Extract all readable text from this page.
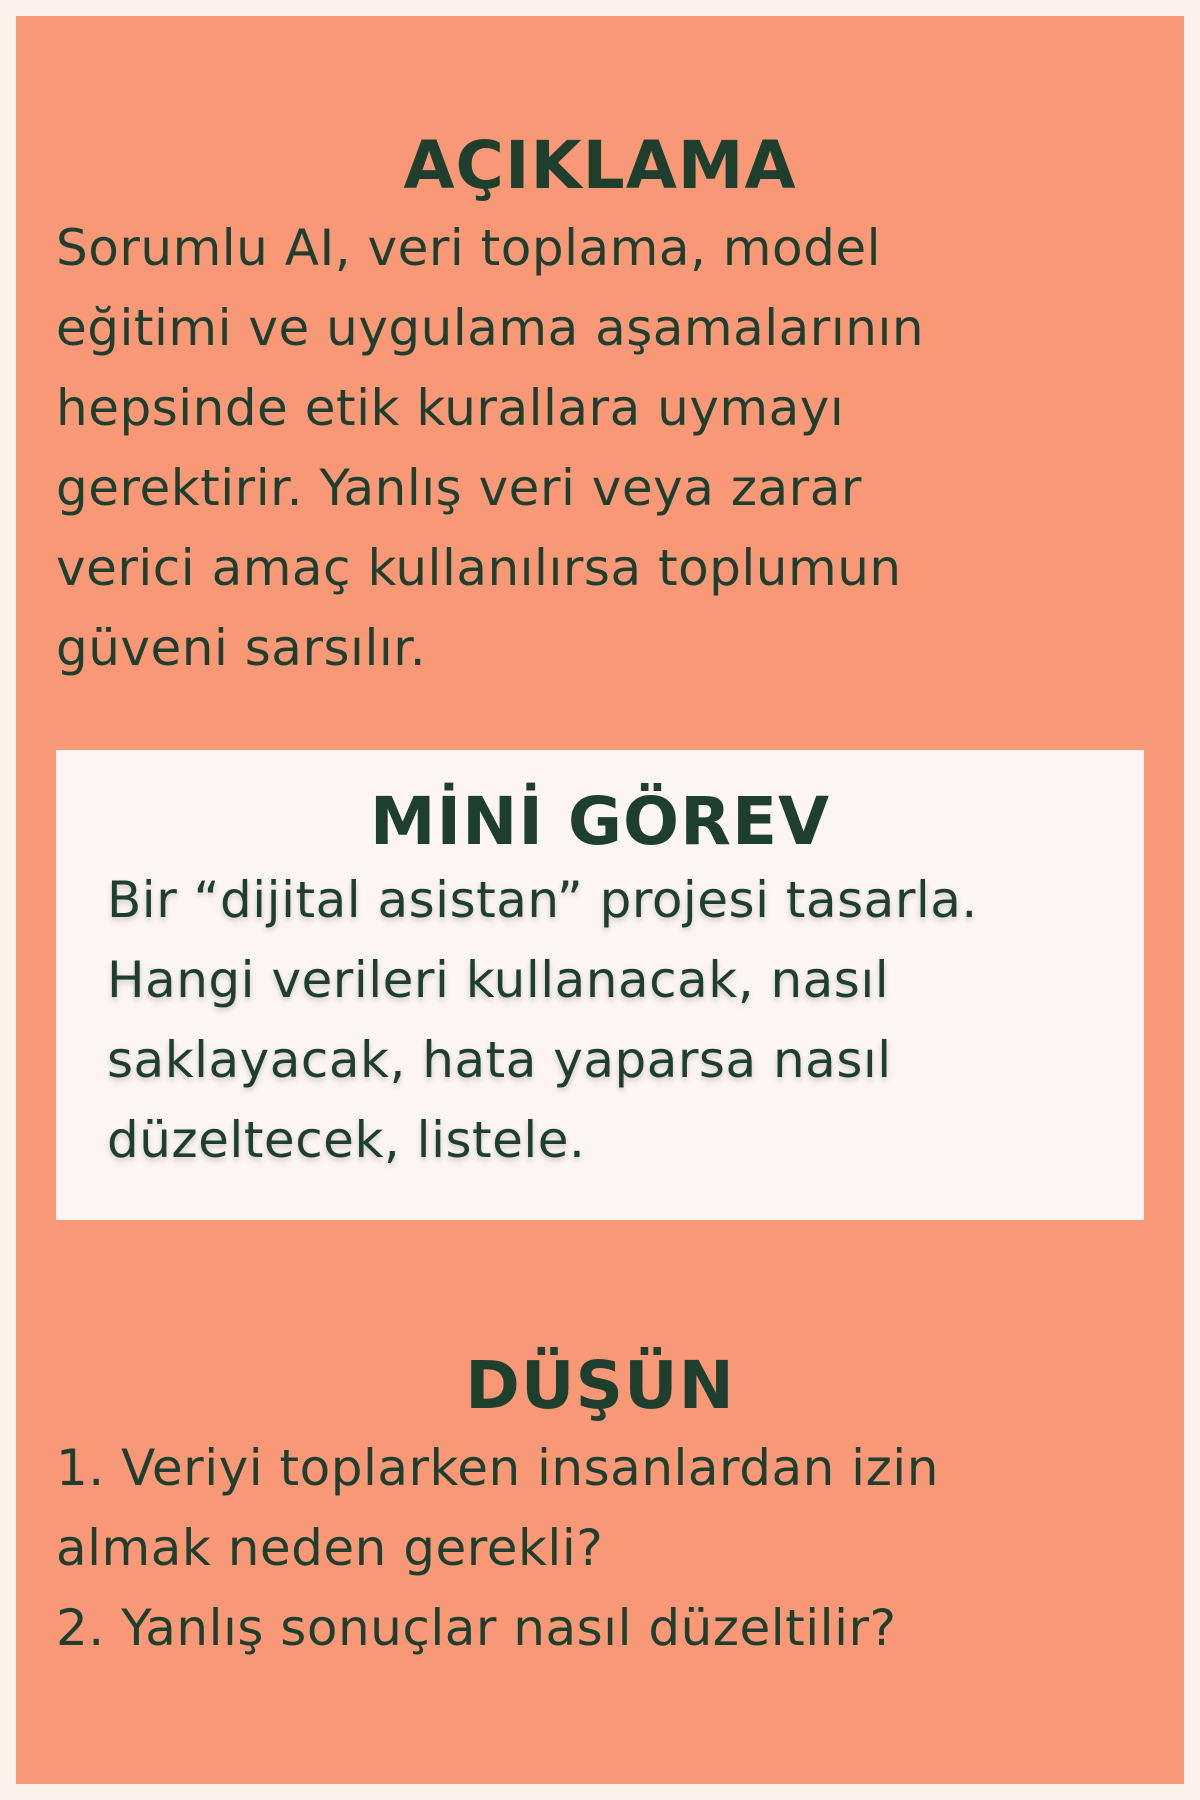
AÇIKLAMA

Sorumlu AI, veri toplama, model
eğitimi ve uygulama aşamalarının
hepsinde etik kurallara uymayı
gerektirir. Yanlış veri veya zarar
verici amaç kullanılırsa toplumun
güveni sarsılır.

MİNİ GÖREV

Bir “dijital asistan” projesi tasarla.
Hangi verileri kullanacak, nasıl
saklayacak, hata yaparsa nasıl
düzeltecek, listele.

DÜŞÜN

1. Veriyi toplarken insanlardan izin
almak neden gerekli?
2. Yanlış sonuçlar nasıl düzeltilir?
